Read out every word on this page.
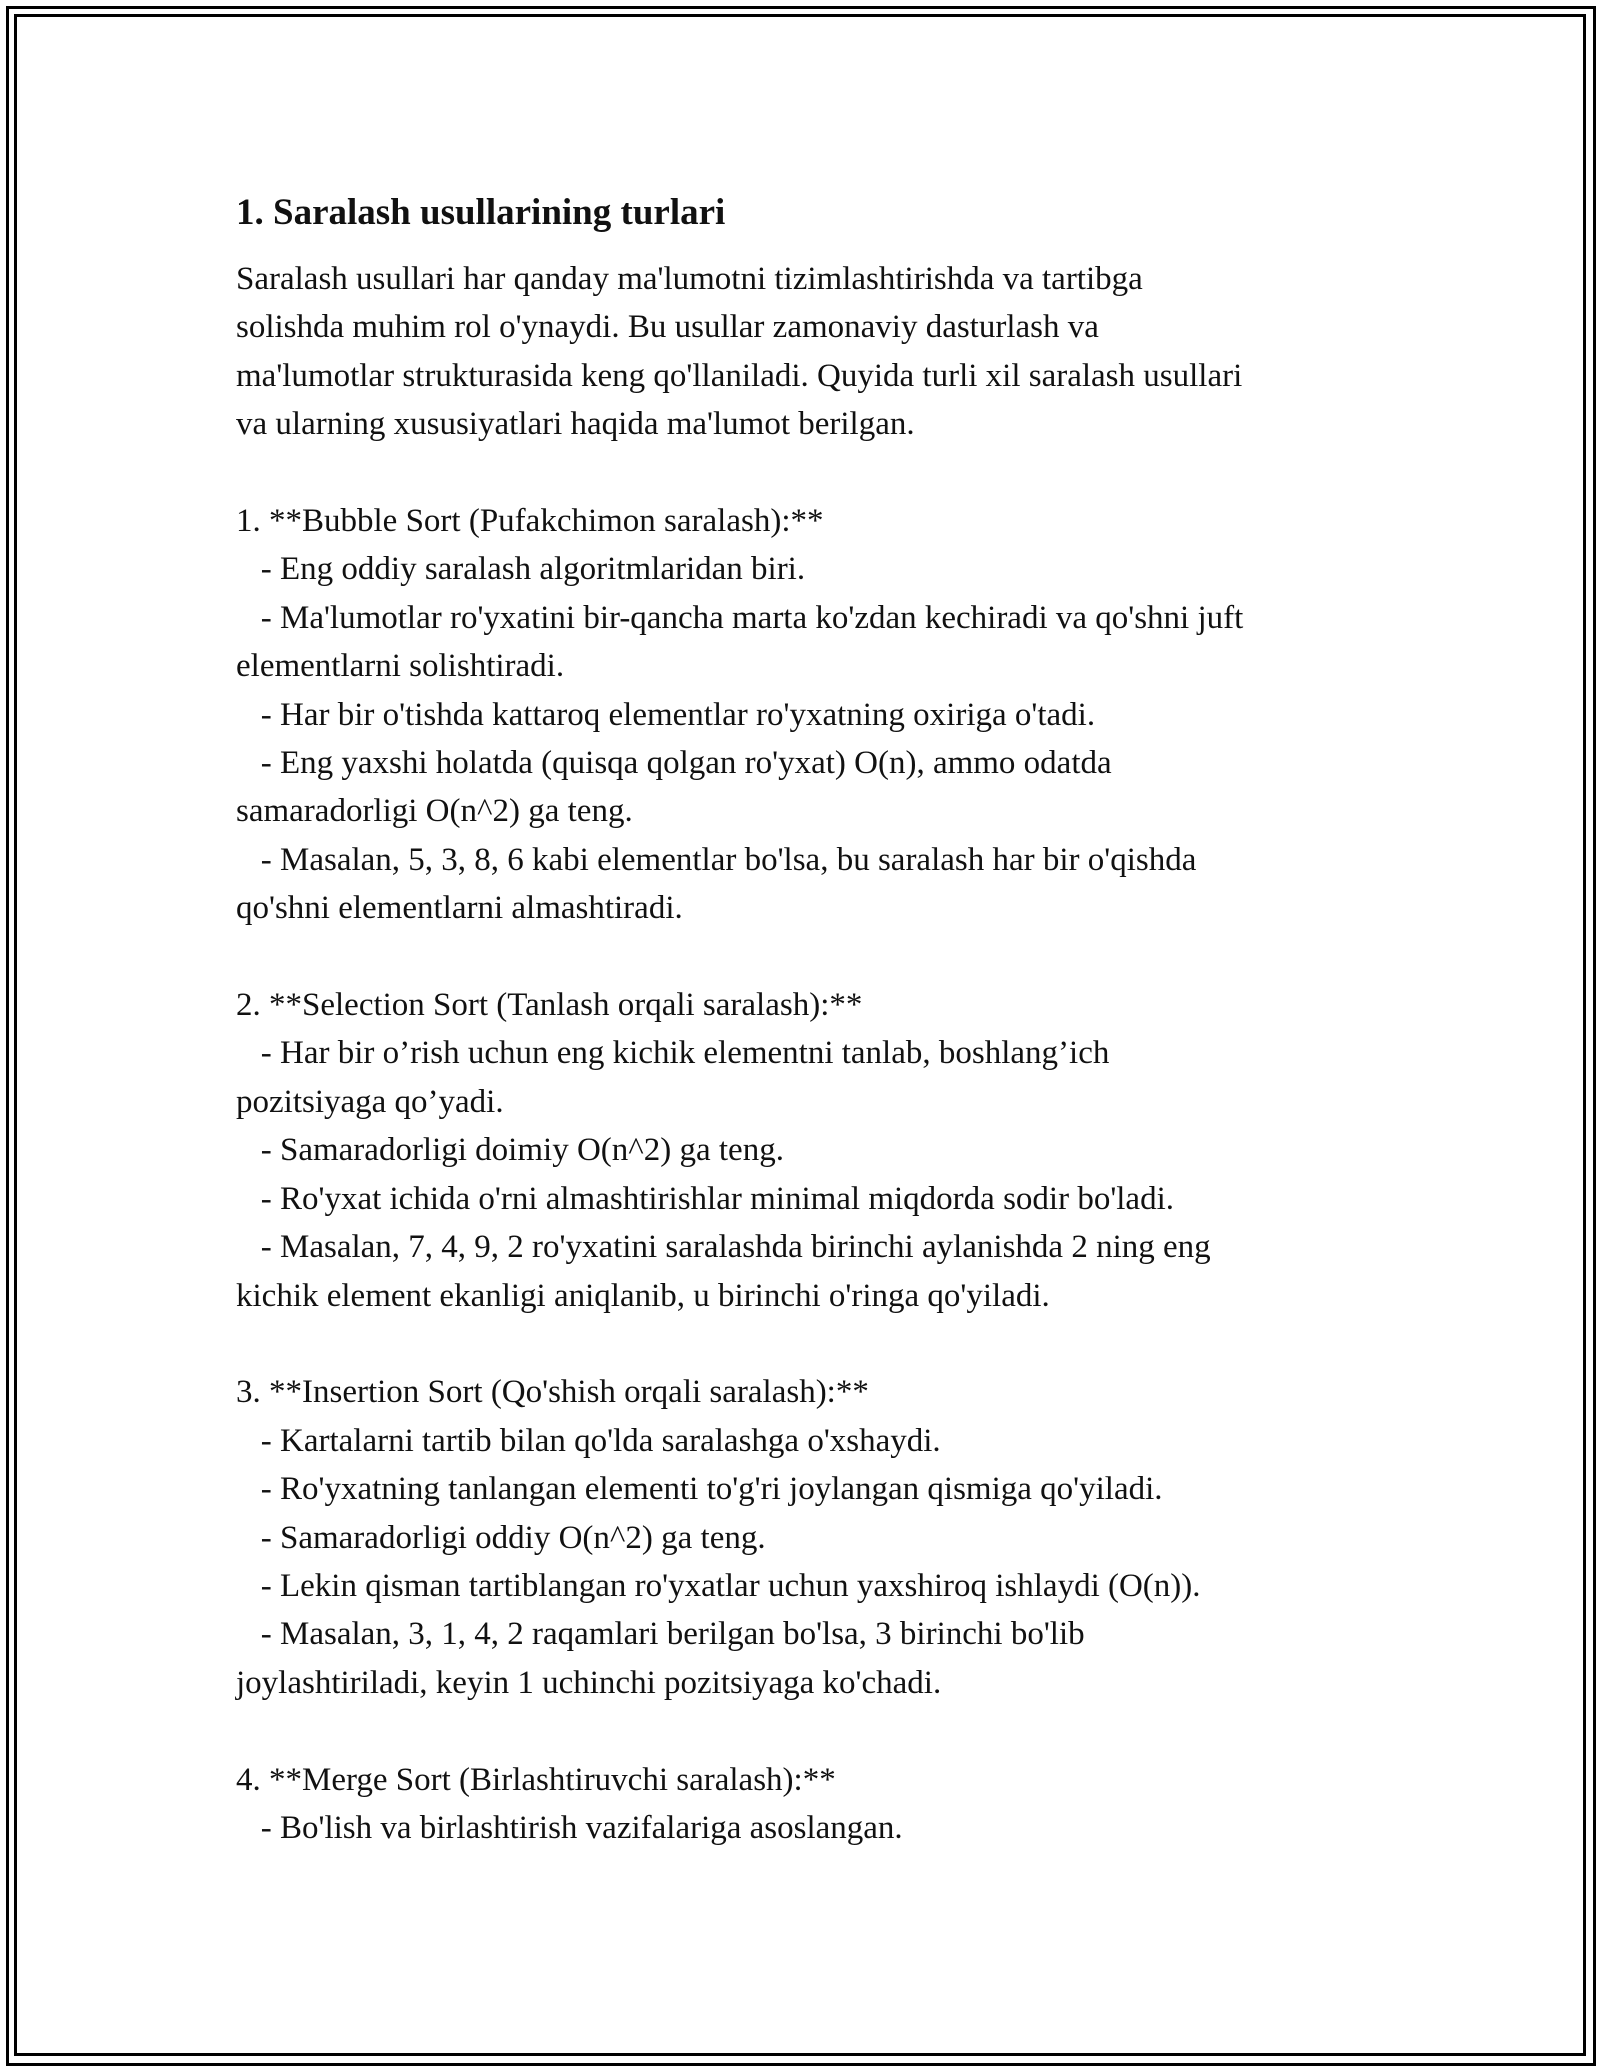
1. Saralash usullarining turlari

Saralash usullari har qanday ma'lumotni tizimlashtirishda va tartibga

solishda muhim rol o'ynaydi. Bu usullar zamonaviy dasturlash va

ma'lumotlar strukturasida keng qo'llaniladi. Quyida turli xil saralash usullari

va ularning xususiyatlari haqida ma'lumot berilgan.

1. **Bubble Sort (Pufakchimon saralash):**

- Eng oddiy saralash algoritmlaridan biri.

- Ma'lumotlar ro'yxatini bir-qancha marta ko'zdan kechiradi va qo'shni juft

elementlarni solishtiradi.

- Har bir o'tishda kattaroq elementlar ro'yxatning oxiriga o'tadi.

- Eng yaxshi holatda (quisqa qolgan ro'yxat) O(n), ammo odatda

samaradorligi O(n^2) ga teng.

- Masalan, 5, 3, 8, 6 kabi elementlar bo'lsa, bu saralash har bir o'qishda

qo'shni elementlarni almashtiradi.

2. **Selection Sort (Tanlash orqali saralash):**

- Har bir o’rish uchun eng kichik elementni tanlab, boshlang’ich

pozitsiyaga qo’yadi.

- Samaradorligi doimiy O(n^2) ga teng.

- Ro'yxat ichida o'rni almashtirishlar minimal miqdorda sodir bo'ladi.

- Masalan, 7, 4, 9, 2 ro'yxatini saralashda birinchi aylanishda 2 ning eng

kichik element ekanligi aniqlanib, u birinchi o'ringa qo'yiladi.

3. **Insertion Sort (Qo'shish orqali saralash):**

- Kartalarni tartib bilan qo'lda saralashga o'xshaydi.

- Ro'yxatning tanlangan elementi to'g'ri joylangan qismiga qo'yiladi.

- Samaradorligi oddiy O(n^2) ga teng.

- Lekin qisman tartiblangan ro'yxatlar uchun yaxshiroq ishlaydi (O(n)).

- Masalan, 3, 1, 4, 2 raqamlari berilgan bo'lsa, 3 birinchi bo'lib

joylashtiriladi, keyin 1 uchinchi pozitsiyaga ko'chadi.

4. **Merge Sort (Birlashtiruvchi saralash):**

- Bo'lish va birlashtirish vazifalariga asoslangan.
